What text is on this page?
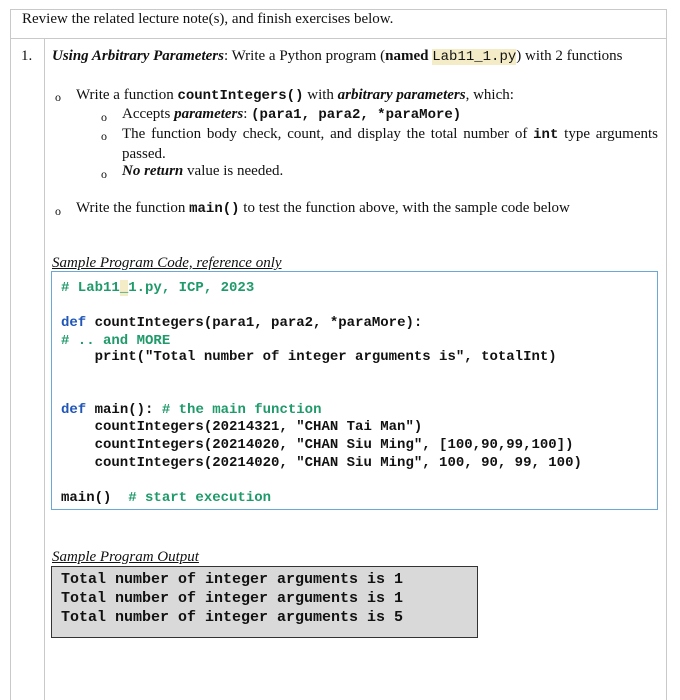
Review the related lecture note(s), and finish exercises below.
1. Using Arbitrary Parameters: Write a Python program (named Lab11_1.py) with 2 functions
o Write a function countIntegers() with arbitrary parameters, which:
o Accepts parameters: (para1, para2, *paraMore)
o The function body check, count, and display the total number of int type arguments passed.
o No return value is needed.
o Write the function main() to test the function above, with the sample code below
Sample Program Code, reference only
# Lab11_1.py, ICP, 2023
def countIntegers(para1, para2, *paraMore):
# .. and MORE
print("Total number of integer arguments is", totalInt)
def main(): # the main function
countIntegers(20214321, "CHAN Tai Man")
countIntegers(20214020, "CHAN Siu Ming", [100,90,99,100])
countIntegers(20214020, "CHAN Siu Ming", 100, 90, 99, 100)
main()  # start execution
Sample Program Output
Total number of integer arguments is 1
Total number of integer arguments is 1
Total number of integer arguments is 5
